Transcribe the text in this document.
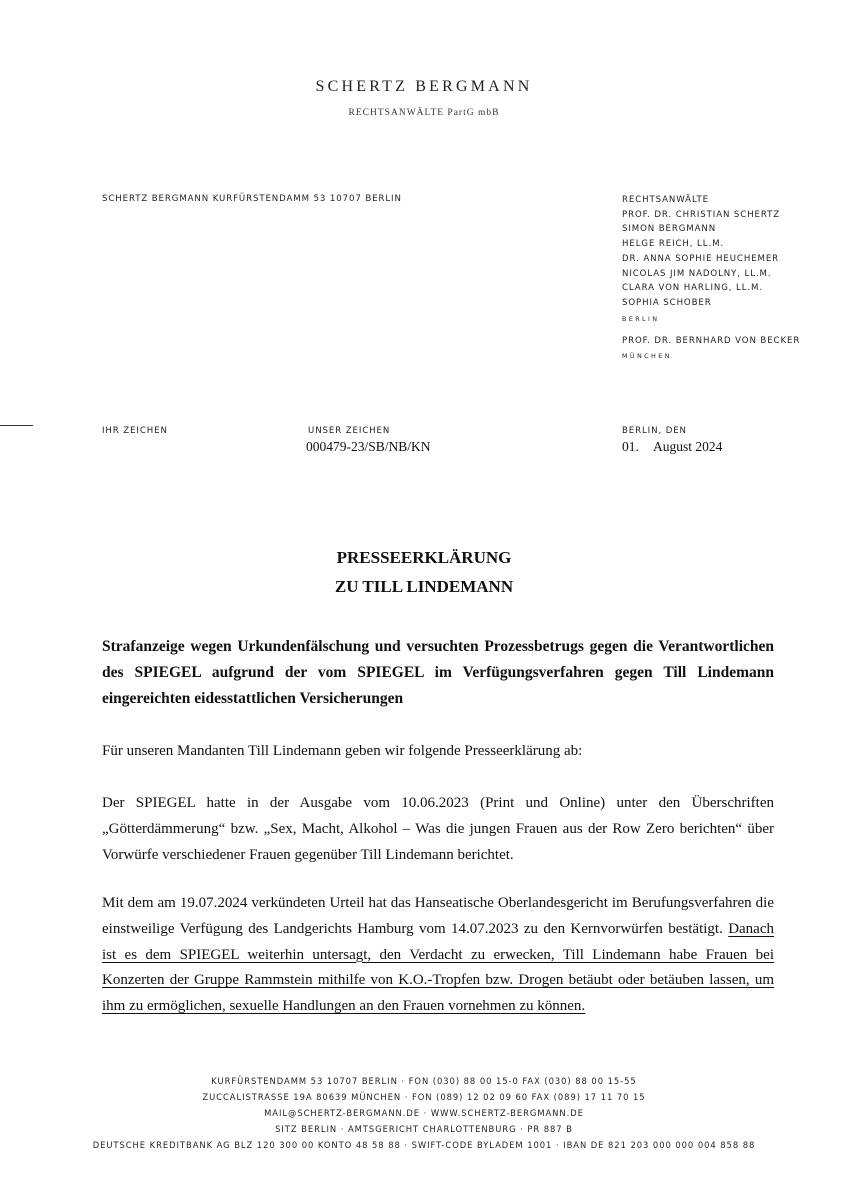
SCHERTZ BERGMANN
RECHTSANWÄLTE PartG mbB
SCHERTZ BERGMANN KURFÜRSTENDAMM 53 10707 BERLIN	RECHTSANWÄLTE
PROF. DR. CHRISTIAN SCHERTZ
SIMON BERGMANN
HELGE REICH, LL.M.
DR. ANNA SOPHIE HEUCHEMER
NICOLAS JIM NADOLNY, LL.M.
CLARA VON HARLING, LL.M.
SOPHIA SCHOBER
BERLIN
PROF. DR. BERNHARD VON BECKER
MÜNCHEN
IHR ZEICHEN	UNSER ZEICHEN
000479-23/SB/NB/KN
BERLIN, DEN
01. August 2024
PRESSEERKLÄRUNG
ZU TILL LINDEMANN
Strafanzeige wegen Urkundenfälschung und versuchten Prozessbetrugs gegen die Verantwortlichen des SPIEGEL aufgrund der vom SPIEGEL im Verfügungsverfahren gegen Till Lindemann eingereichten eidesstattlichen Versicherungen
Für unseren Mandanten Till Lindemann geben wir folgende Presseerklärung ab:
Der SPIEGEL hatte in der Ausgabe vom 10.06.2023 (Print und Online) unter den Überschriften „Götterdämmerung“ bzw. „Sex, Macht, Alkohol – Was die jungen Frauen aus der Row Zero berichten“ über Vorwürfe verschiedener Frauen gegenüber Till Lindemann berichtet.
Mit dem am 19.07.2024 verkündeten Urteil hat das Hanseatische Oberlandesgericht im Berufungsverfahren die einstweilige Verfügung des Landgerichts Hamburg vom 14.07.2023 zu den Kernvorwürfen bestätigt. Danach ist es dem SPIEGEL weiterhin untersagt, den Verdacht zu erwecken, Till Lindemann habe Frauen bei Konzerten der Gruppe Rammstein mithilfe von K.O.-Tropfen bzw. Drogen betäubt oder betäuben lassen, um ihm zu ermöglichen, sexuelle Handlungen an den Frauen vornehmen zu können.
KURFÜRSTENDAMM 53 10707 BERLIN · FON (030) 88 00 15-0 FAX (030) 88 00 15-55
ZUCCALISTRASSE 19A 80639 MÜNCHEN · FON (089) 12 02 09 60 FAX (089) 17 11 70 15
MAIL@SCHERTZ-BERGMANN.DE · WWW.SCHERTZ-BERGMANN.DE
SITZ BERLIN · AMTSGERICHT CHARLOTTENBURG · PR 887 B
DEUTSCHE KREDITBANK AG BLZ 120 300 00 KONTO 48 58 88 · SWIFT-CODE BYLADEM 1001 · IBAN DE 821 203 000 000 004 858 88
